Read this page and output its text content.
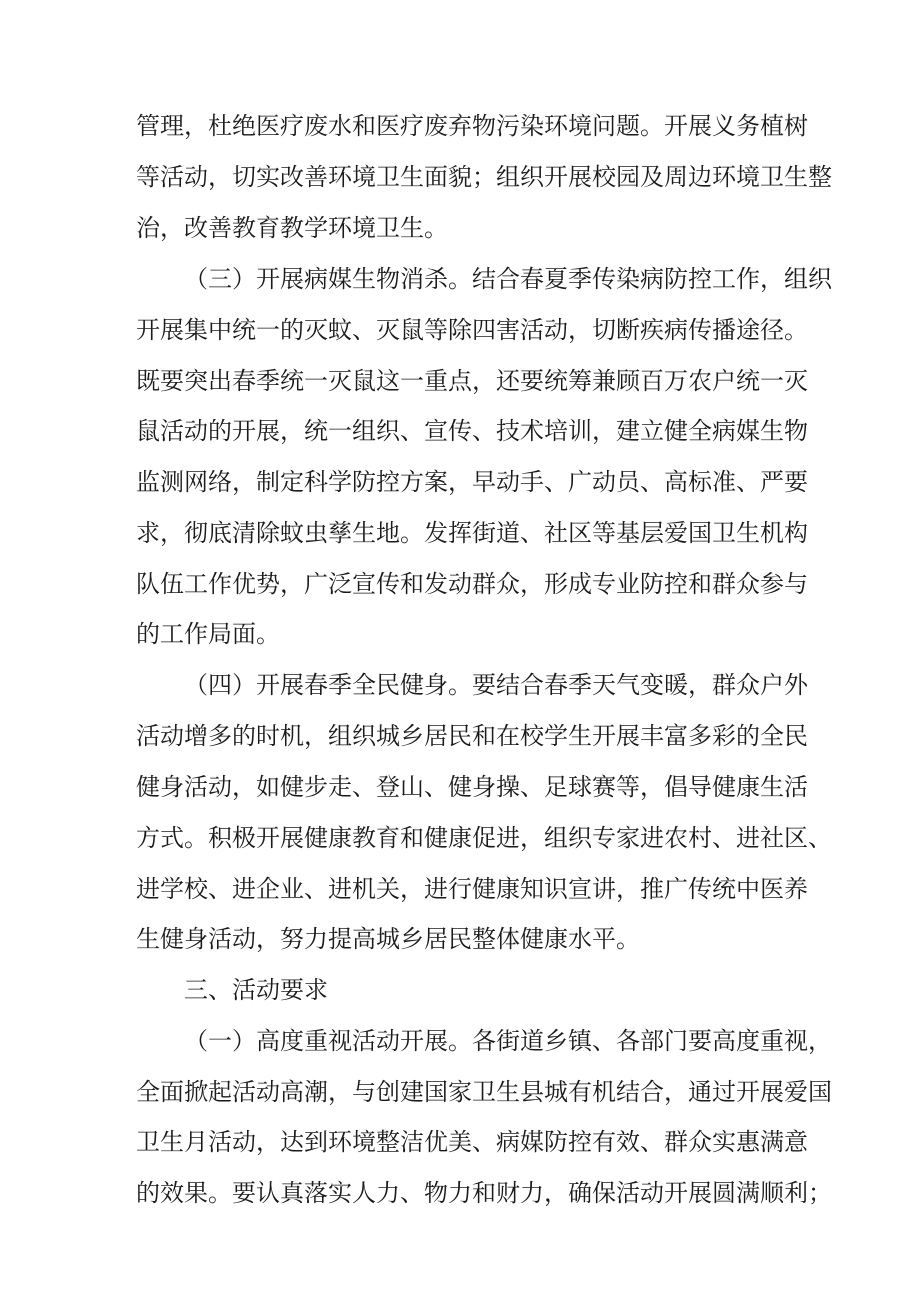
管理，杜绝医疗废水和医疗废弃物污染环境问题。开展义务植树

等活动，切实改善环境卫生面貌；组织开展校园及周边环境卫生整

治，改善教育教学环境卫生。

（三）开展病媒生物消杀。结合春夏季传染病防控工作，组织

开展集中统一的灭蚊、灭鼠等除四害活动，切断疾病传播途径。

既要突出春季统一灭鼠这一重点，还要统筹兼顾百万农户统一灭

鼠活动的开展，统一组织、宣传、技术培训，建立健全病媒生物

监测网络，制定科学防控方案，早动手、广动员、高标准、严要

求，彻底清除蚊虫孳生地。发挥街道、社区等基层爱国卫生机构

队伍工作优势，广泛宣传和发动群众，形成专业防控和群众参与

的工作局面。

（四）开展春季全民健身。要结合春季天气变暖，群众户外

活动增多的时机，组织城乡居民和在校学生开展丰富多彩的全民

健身活动，如健步走、登山、健身操、足球赛等，倡导健康生活

方式。积极开展健康教育和健康促进，组织专家进农村、进社区、

进学校、进企业、进机关，进行健康知识宣讲，推广传统中医养

生健身活动，努力提高城乡居民整体健康水平。

三、活动要求

（一）高度重视活动开展。各街道乡镇、各部门要高度重视，

全面掀起活动高潮，与创建国家卫生县城有机结合，通过开展爱国

卫生月活动，达到环境整洁优美、病媒防控有效、群众实惠满意

的效果。要认真落实人力、物力和财力，确保活动开展圆满顺利；
